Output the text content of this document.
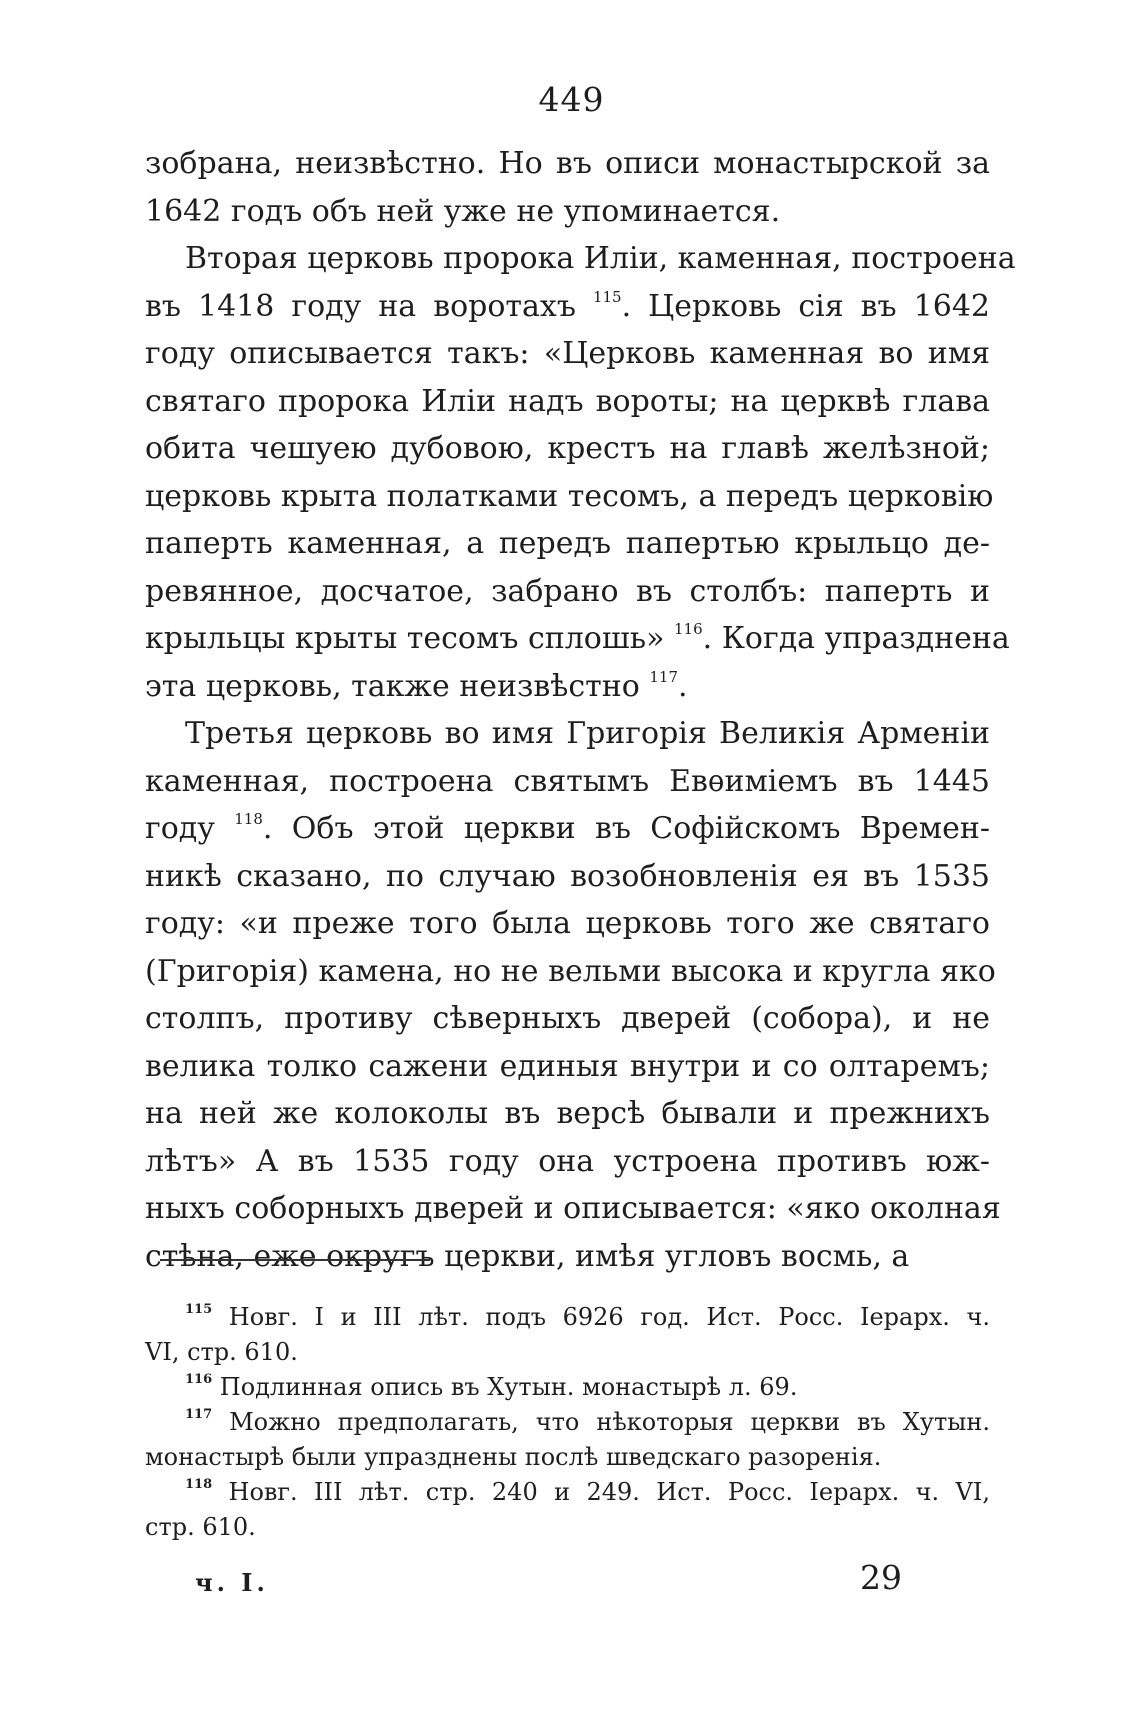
449
зобрана, неизвѣстно. Но въ описи монастырской за
1642 годъ объ ней уже не упоминается.
Вторая церковь пророка Иліи, каменная, построена
въ 1418 году на воротахъ $^{115}$. Церковь сія въ 1642
году описывается такъ: «Церковь каменная во имя
святаго пророка Иліи надъ вороты; на церквѣ глава
обита чешуею дубовою, крестъ на главѣ желѣзной;
церковь крыта полатками тесомъ, а передъ церковію
паперть каменная, а передъ папертью крыльцо де-
ревянное, досчатое, забрано въ столбъ: паперть и
крыльцы крыты тесомъ сплошь» $^{116}$. Когда упразднена
эта церковь, также неизвѣстно $^{117}$.
Третья церковь во имя Григорія Великія Арменіи
каменная, построена святымъ Евѳиміемъ въ 1445
году $^{118}$. Объ этой церкви въ Софійскомъ Времен-
никѣ сказано, по случаю возобновленія ея въ 1535
году: «и преже того была церковь того же святаго
(Григорія) камена, но не вельми высока и кругла яко
столпъ, противу сѣверныхъ дверей (собора), и не
велика толко сажени единыя внутри и со олтаремъ;
на ней же колоколы въ версѣ бывали и прежнихъ
лѣтъ» А въ 1535 году она устроена противъ юж-
ныхъ соборныхъ дверей и описывается: «яко околная
стѣна, еже округъ церкви, имѣя угловъ восмь, а
$^{115}$ Новг. I и III лѣт. подъ 6926 год. Ист. Росс. Іерарх. ч.
VI, стр. 610.
$^{116}$ Подлинная опись въ Хутын. монастырѣ л. 69.
$^{117}$ Можно предполагать, что нѣкоторыя церкви въ Хутын.
монастырѣ были упразднены послѣ шведскаго разоренія.
$^{118}$ Новг. III лѣт. стр. 240 и 249. Ист. Росс. Іерарх. ч. VI,
стр. 610.
ч. I.	29
